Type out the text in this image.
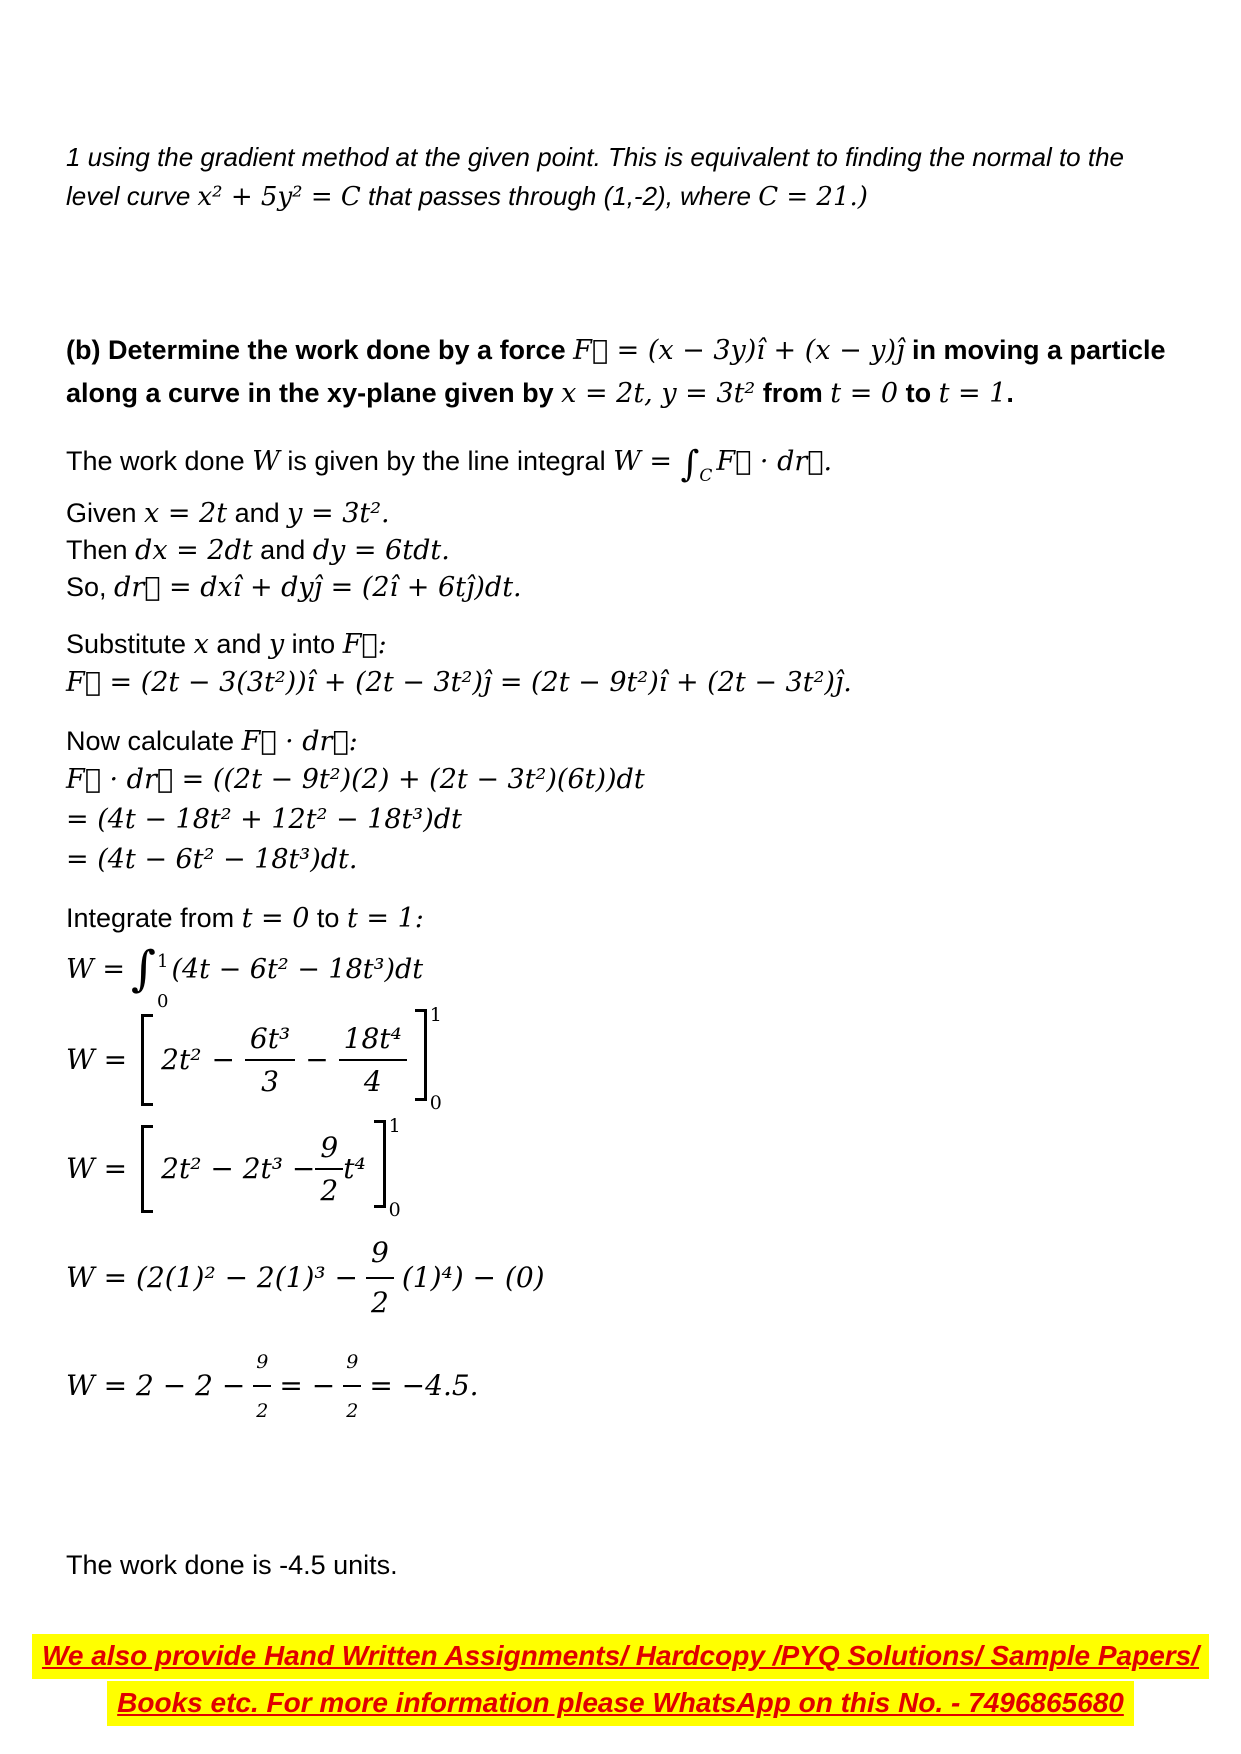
1 using the gradient method at the given point. This is equivalent to finding the normal to the
level curve x² + 5y² = C that passes through (1,-2), where C = 21.)
(b) Determine the work done by a force F⃗ = (x − 3y)î + (x − y)ĵ in moving a particle
along a curve in the xy-plane given by x = 2t, y = 3t² from t = 0 to t = 1.
The work done W is given by the line integral $W = \int_C$ F⃗ · dr⃗.
Given x = 2t and y = 3t².
Then dx = 2dt and dy = 6tdt.
So, dr⃗ = dxî + dyĵ = (2î + 6tĵ)dt.
Substitute x and y into F⃗:
F⃗ = (2t − 3(3t²))î + (2t − 3t²)ĵ = (2t − 9t²)î + (2t − 3t²)ĵ.
Now calculate F⃗ · dr⃗:
F⃗ · dr⃗ = ((2t − 9t²)(2) + (2t − 3t²)(6t))dt
= (4t − 18t² + 12t² − 18t³)dt
= (4t − 6t² − 18t³)dt.
Integrate from t = 0 to t = 1:
W = ∫ 1
0
(4t − 6t² − 18t³)dt
$W = 2t^2 - \frac{\text{6t³}}{3} - \frac{\text{18t⁴}}{4}$
1
0
$W = 2t^2 - 2t^3 - \frac{9}{2} t^4$
1
0
$W = (2(1)^2 - 2(1)^3 - \frac{9}{2} (1)^4) - (0)$
$W = 2 - 2 - \frac{9}{2}$ = − $\frac{9}{2} = -4.5$.
The work done is -4.5 units.
We also provide Hand Written Assignments/ Hardcopy /PYQ Solutions/ Sample Papers/
Books etc. For more information please WhatsApp on this No. - 7496865680
